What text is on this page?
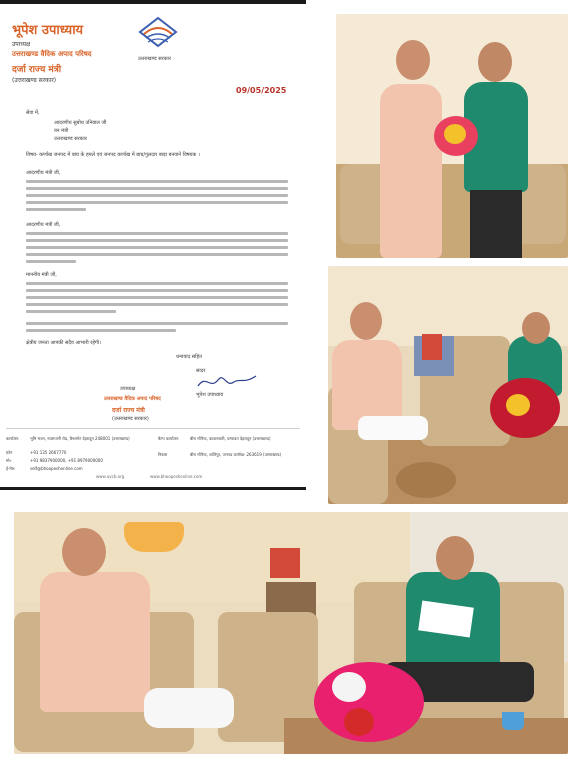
भूपेश उपाध्याय
उपाध्यक्ष
उत्तराखण्ड वैदिक अपाद परिषद
दर्जा राज्य मंत्री
(उत्तराखण्ड सरकार)
उत्तराखण्ड सरकार
09/05/2025
सेवा में,
आदरणीय सुबोध उनियाल जी
वन मंत्री
उत्तराखण्ड सरकार
विषय- कर्णाख जनपद में बाघ के हमले एवं जनपद कर्णाख में बाघ/गुलदार बाड़ा बनवाने विषयक ।
आदरणीय मंत्री जी,
आदरणीय मंत्री जी,
माननीय मंत्री जी,
क्षेत्रीय जनता आपकी सदैव आभारी रहेगी।
धन्यवाद सहित
सादर
भूपेश उपाध्याय
उपाध्यक्ष
उत्तराखण्ड वैदिक अपाद परिषद
दर्जा राज्य मंत्री
(उत्तराखण्ड सरकार)
कार्यालय	भूमि भवन, नालापानी रोड, चैनलगेट देहरादून 248001 (उत्तराखण्ड)
फ़ोन	+91 135 2667770
मो०	+91 9837900000, +91 8979000000
ई-मेल	self@bhoopeshonline.com
कैम्प कार्यालय	बीरा गोरिया, काकनबारी, चम्पावत देहरादून (उत्तराखण्ड)
निवास	बीरा गोरिया, शांतिपुर, जनपद कर्णाख- 263619 (उत्तराखण्ड)
www.uvcb.org	www.bhoopeshonline.com
